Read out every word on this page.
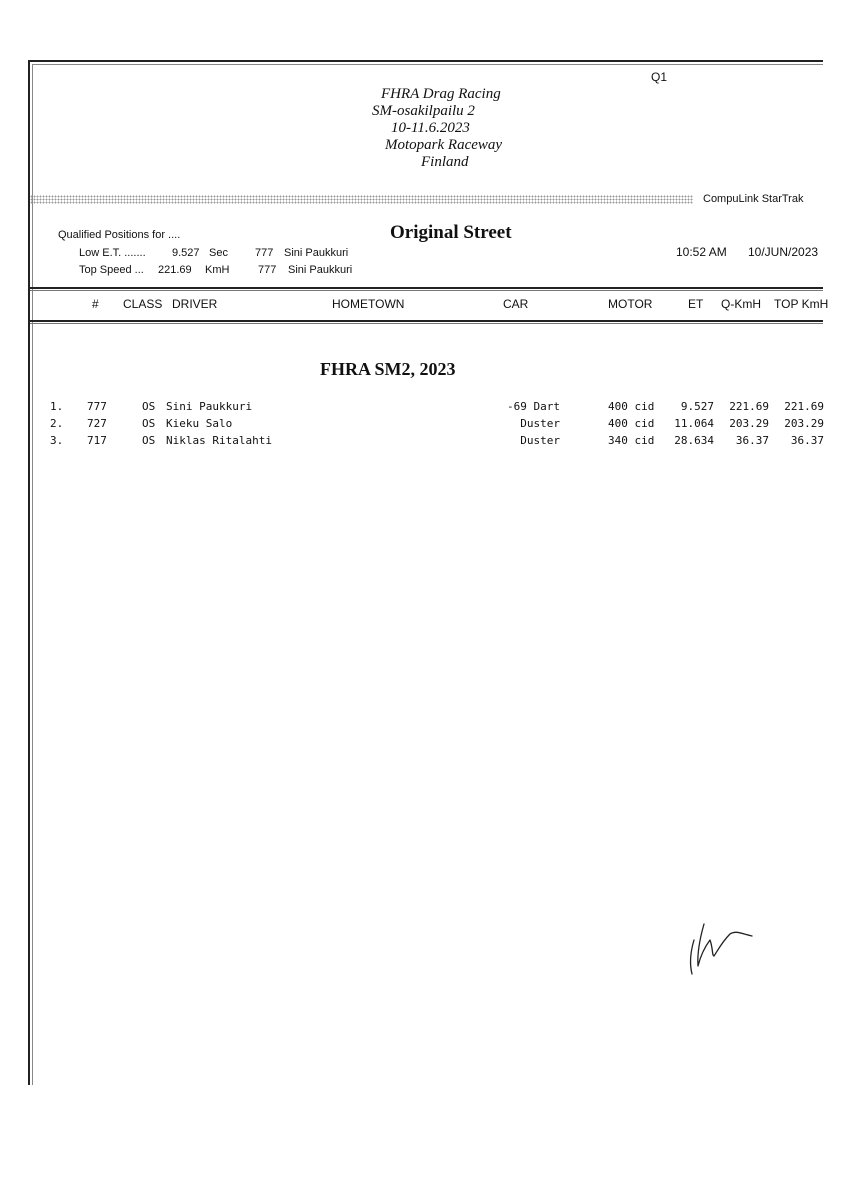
Q1
FHRA Drag Racing
SM-osakilpailu 2
10-11.6.2023
Motopark Raceway
Finland
CompuLink StarTrak
Qualified Positions for ....
Low E.T. ....... 9.527 Sec 777 Sini Paukkuri
Top Speed ... 221.69 KmH	777 Sini Paukkuri
Original Street
10:52 AM 10/JUN/2023
# CLASS DRIVER	HOMETOWN	CAR	MOTOR	ET Q-KmH TOP KmH
FHRA SM2, 2023
1. 777	OS Sini Paukkuri	-69 Dart	400 cid	9.527	221.69	221.69
2. 727	OS Kieku Salo	Duster	400 cid	11.064	203.29	203.29
3. 717	OS Niklas Ritalahti	Duster	340 cid	28.634	36.37	36.37
